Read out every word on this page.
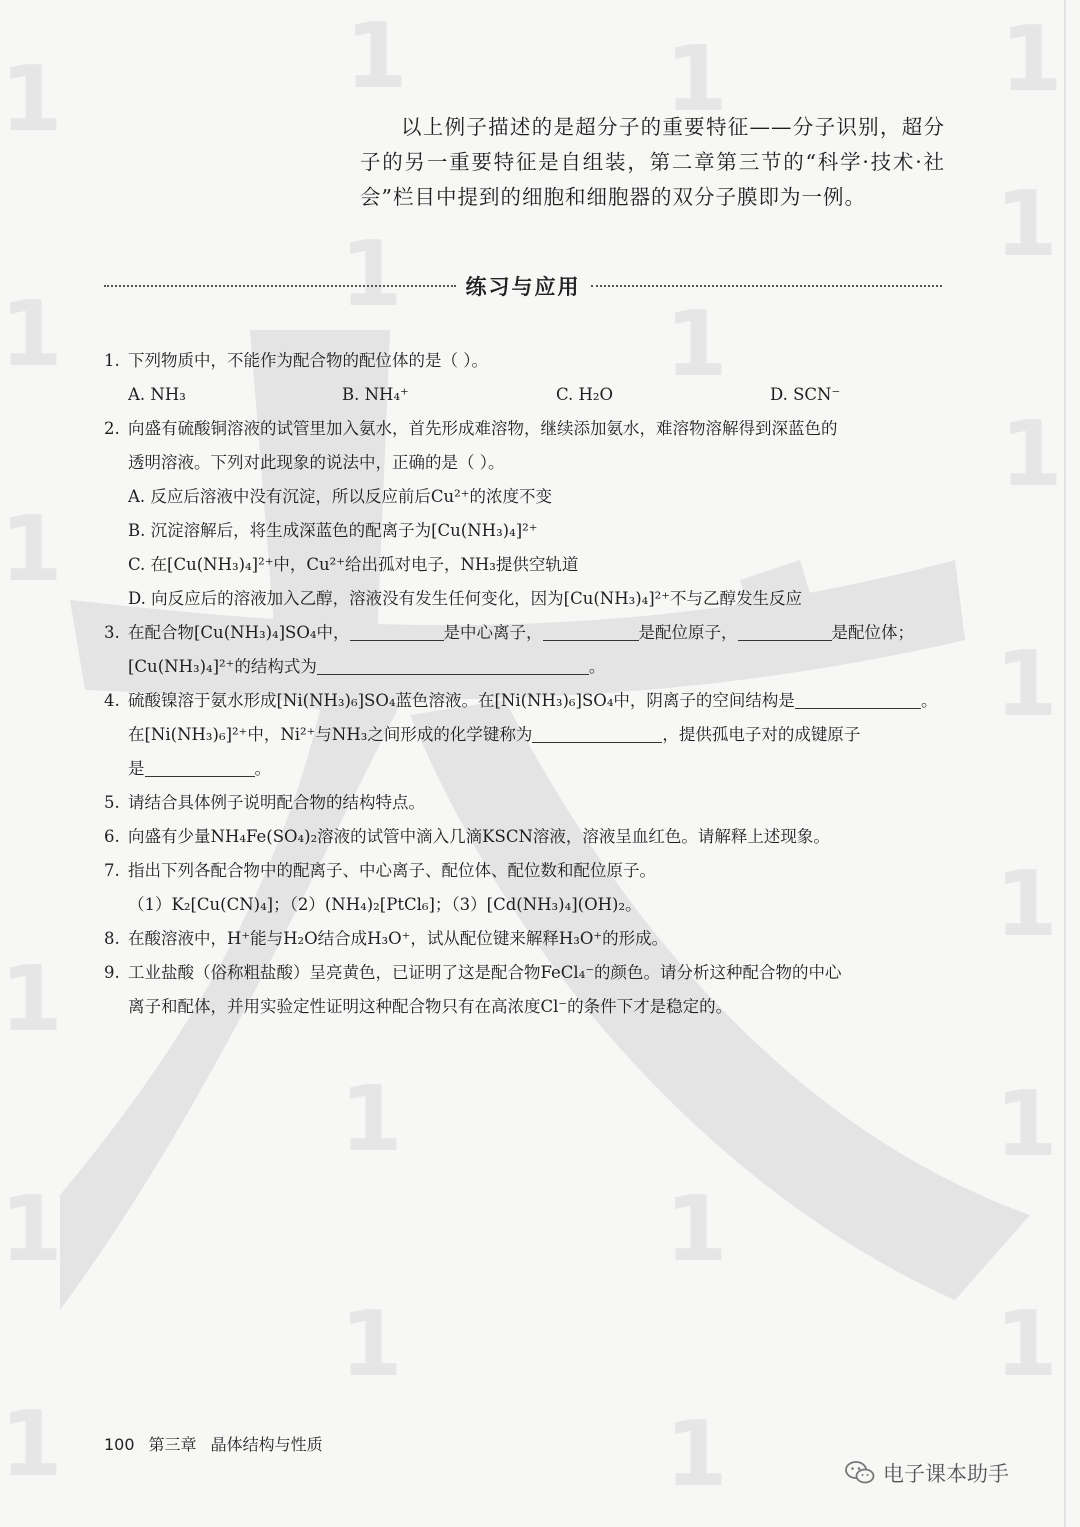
1	1	1	1
1	1
1	1
1
1
1
1
1
1	1
1
1
1
1
1	1

以上例子描述的是超分子的重要特征——分子识别，超分子的另一重要特征是自组装，第二章第三节的“科学·技术·社会”栏目中提到的细胞和细胞器的双分子膜即为一例。

练习与应用
1. 下列物质中，不能作为配合物的配位体的是（ ）。
A. NH₃	B. NH₄⁺	C. H₂O	D. SCN⁻
2. 向盛有硫酸铜溶液的试管里加入氨水，首先形成难溶物，继续添加氨水，难溶物溶解得到深蓝色的
透明溶液。下列对此现象的说法中，正确的是（ ）。
A. 反应后溶液中没有沉淀，所以反应前后Cu²⁺的浓度不变
B. 沉淀溶解后，将生成深蓝色的配离子为[Cu(NH₃)₄]²⁺
C. 在[Cu(NH₃)₄]²⁺中，Cu²⁺给出孤对电子，NH₃提供空轨道
D. 向反应后的溶液加入乙醇，溶液没有发生任何变化，因为[Cu(NH₃)₄]²⁺不与乙醇发生反应
3. 在配合物[Cu(NH₃)₄]SO₄中，	是中心离子，	是配位原子，	是配位体；
[Cu(NH₃)₄]²⁺的结构式为	。
4. 硫酸镍溶于氨水形成[Ni(NH₃)₆]SO₄蓝色溶液。在[Ni(NH₃)₆]SO₄中，阴离子的空间结构是	。
在[Ni(NH₃)₆]²⁺中，Ni²⁺与NH₃之间形成的化学键称为	，提供孤电子对的成键原子
是	。
5. 请结合具体例子说明配合物的结构特点。
6. 向盛有少量NH₄Fe(SO₄)₂溶液的试管中滴入几滴KSCN溶液，溶液呈血红色。请解释上述现象。
7. 指出下列各配合物中的配离子、中心离子、配位体、配位数和配位原子。
（1）K₂[Cu(CN)₄]；（2）(NH₄)₂[PtCl₆]；（3）[Cd(NH₃)₄](OH)₂。
8. 在酸溶液中，H⁺能与H₂O结合成H₃O⁺，试从配位键来解释H₃O⁺的形成。
9. 工业盐酸（俗称粗盐酸）呈亮黄色，已证明了这是配合物FeCl₄⁻的颜色。请分析这种配合物的中心
离子和配体，并用实验定性证明这种配合物只有在高浓度Cl⁻的条件下才是稳定的。
100 第三章 晶体结构与性质
电子课本助手
